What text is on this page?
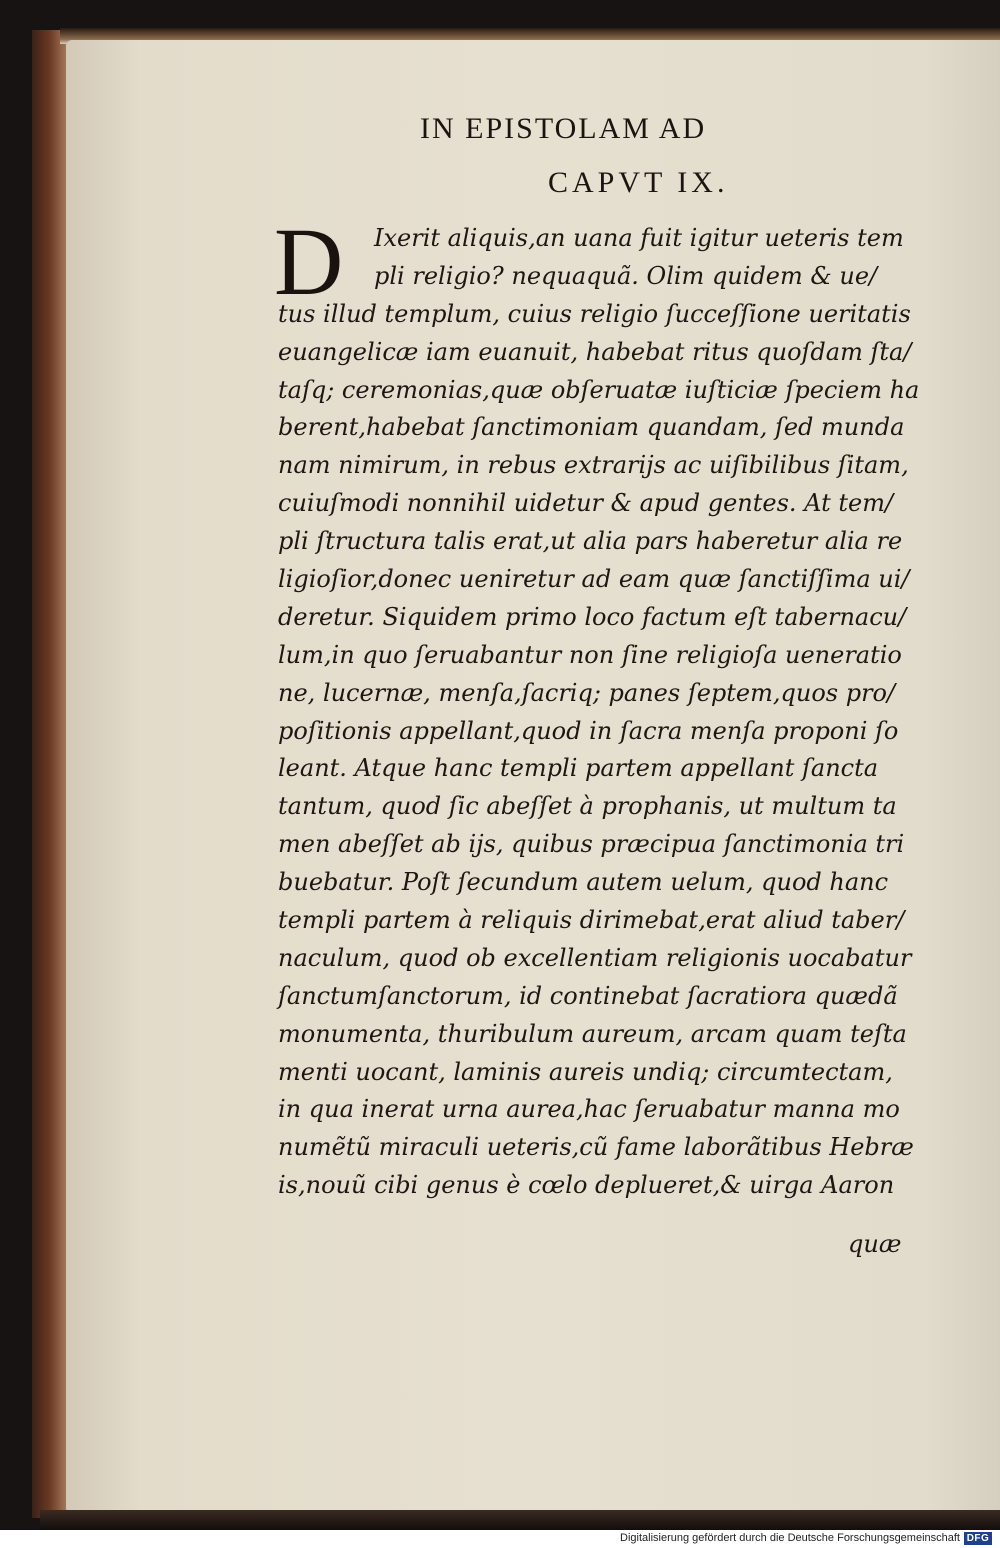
IN EPISTOLAM AD
CAPVT IX.
D	Ixerit aliquis,an uana fuit igitur ueteris tem
pli religio? nequaquã. Olim quidem & ue/
tus illud templum, cuius religio ſucceſſione ueritatis
euangelicæ iam euanuit, habebat ritus quoſdam ſta/
taſq; ceremonias,quæ obſeruatæ iuſticiæ ſpeciem ha
berent,habebat ſanctimoniam quandam, ſed munda
nam nimirum, in rebus extrarijs ac uiſibilibus ſitam,
cuiuſmodi nonnihil uidetur & apud gentes. At tem/
pli ſtructura talis erat,ut alia pars haberetur alia re
ligioſior,donec ueniretur ad eam quæ ſanctiſſima ui/
deretur. Siquidem primo loco factum eſt tabernacu/
lum,in quo ſeruabantur non ſine religioſa ueneratio
ne, lucernæ, menſa,ſacriq; panes ſeptem,quos pro/
poſitionis appellant,quod in ſacra menſa proponi ſo
leant. Atque hanc templi partem appellant ſancta
tantum, quod ſic abeſſet à prophanis, ut multum ta
men abeſſet ab ijs, quibus præcipua ſanctimonia tri
buebatur. Poſt ſecundum autem uelum, quod hanc
templi partem à reliquis dirimebat,erat aliud taber/
naculum, quod ob excellentiam religionis uocabatur
ſanctumſanctorum, id continebat ſacratiora quædã
monumenta, thuribulum aureum, arcam quam teſta
menti uocant, laminis aureis undiq; circumtectam,
in qua inerat urna aurea,hac ſeruabatur manna mo
numẽtũ miraculi ueteris,cũ fame laborãtibus Hebræ
is,nouũ cibi genus è cœlo deplueret,& uirga Aaron
quæ
Digitalisierung gefördert durch die Deutsche Forschungsgemeinschaft DFG
